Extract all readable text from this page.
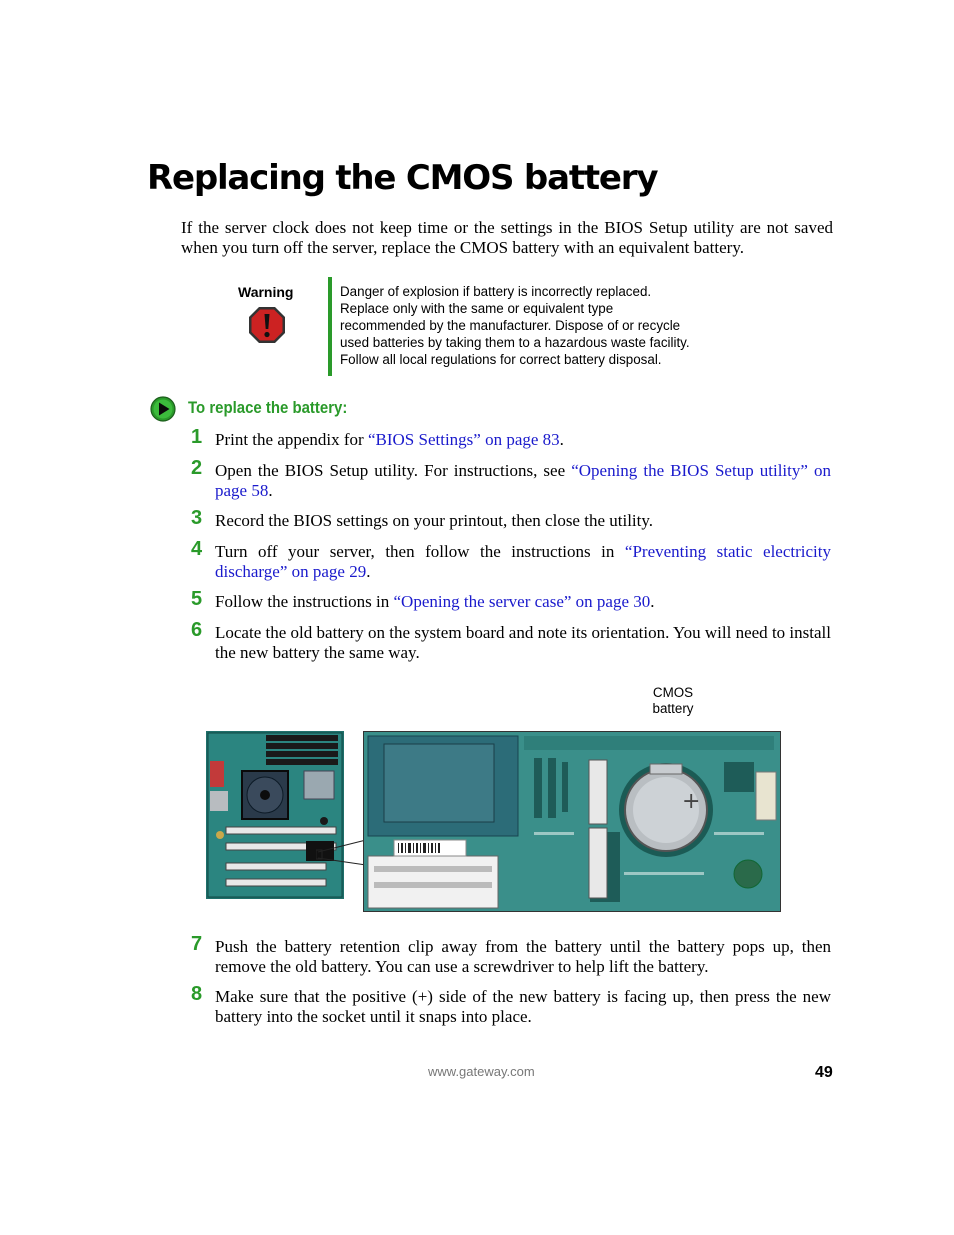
Replacing the CMOS battery
If the server clock does not keep time or the settings in the BIOS Setup utility are not saved when you turn off the server, replace the CMOS battery with an equivalent battery.
Warning	Danger of explosion if battery is incorrectly replaced.
Replace only with the same or equivalent type
recommended by the manufacturer. Dispose of or recycle
used batteries by taking them to a hazardous waste facility.
Follow all local regulations for correct battery disposal.
To replace the battery:
1 Print the appendix for “BIOS Settings” on page 83.
2 Open the BIOS Setup utility. For instructions, see “Opening the BIOS Setup utility” on page 58.
3 Record the BIOS settings on your printout, then close the utility.
4 Turn off your server, then follow the instructions in “Preventing static electricity discharge” on page 29.
5 Follow the instructions in “Opening the server case” on page 30.
6 Locate the old battery on the system board and note its orientation. You will need to install the new battery the same way.
CMOS
battery
+
7 Push the battery retention clip away from the battery until the battery pops up, then remove the old battery. You can use a screwdriver to help lift the battery.
8 Make sure that the positive (+) side of the new battery is facing up, then press the new battery into the socket until it snaps into place.
www.gateway.com	49
